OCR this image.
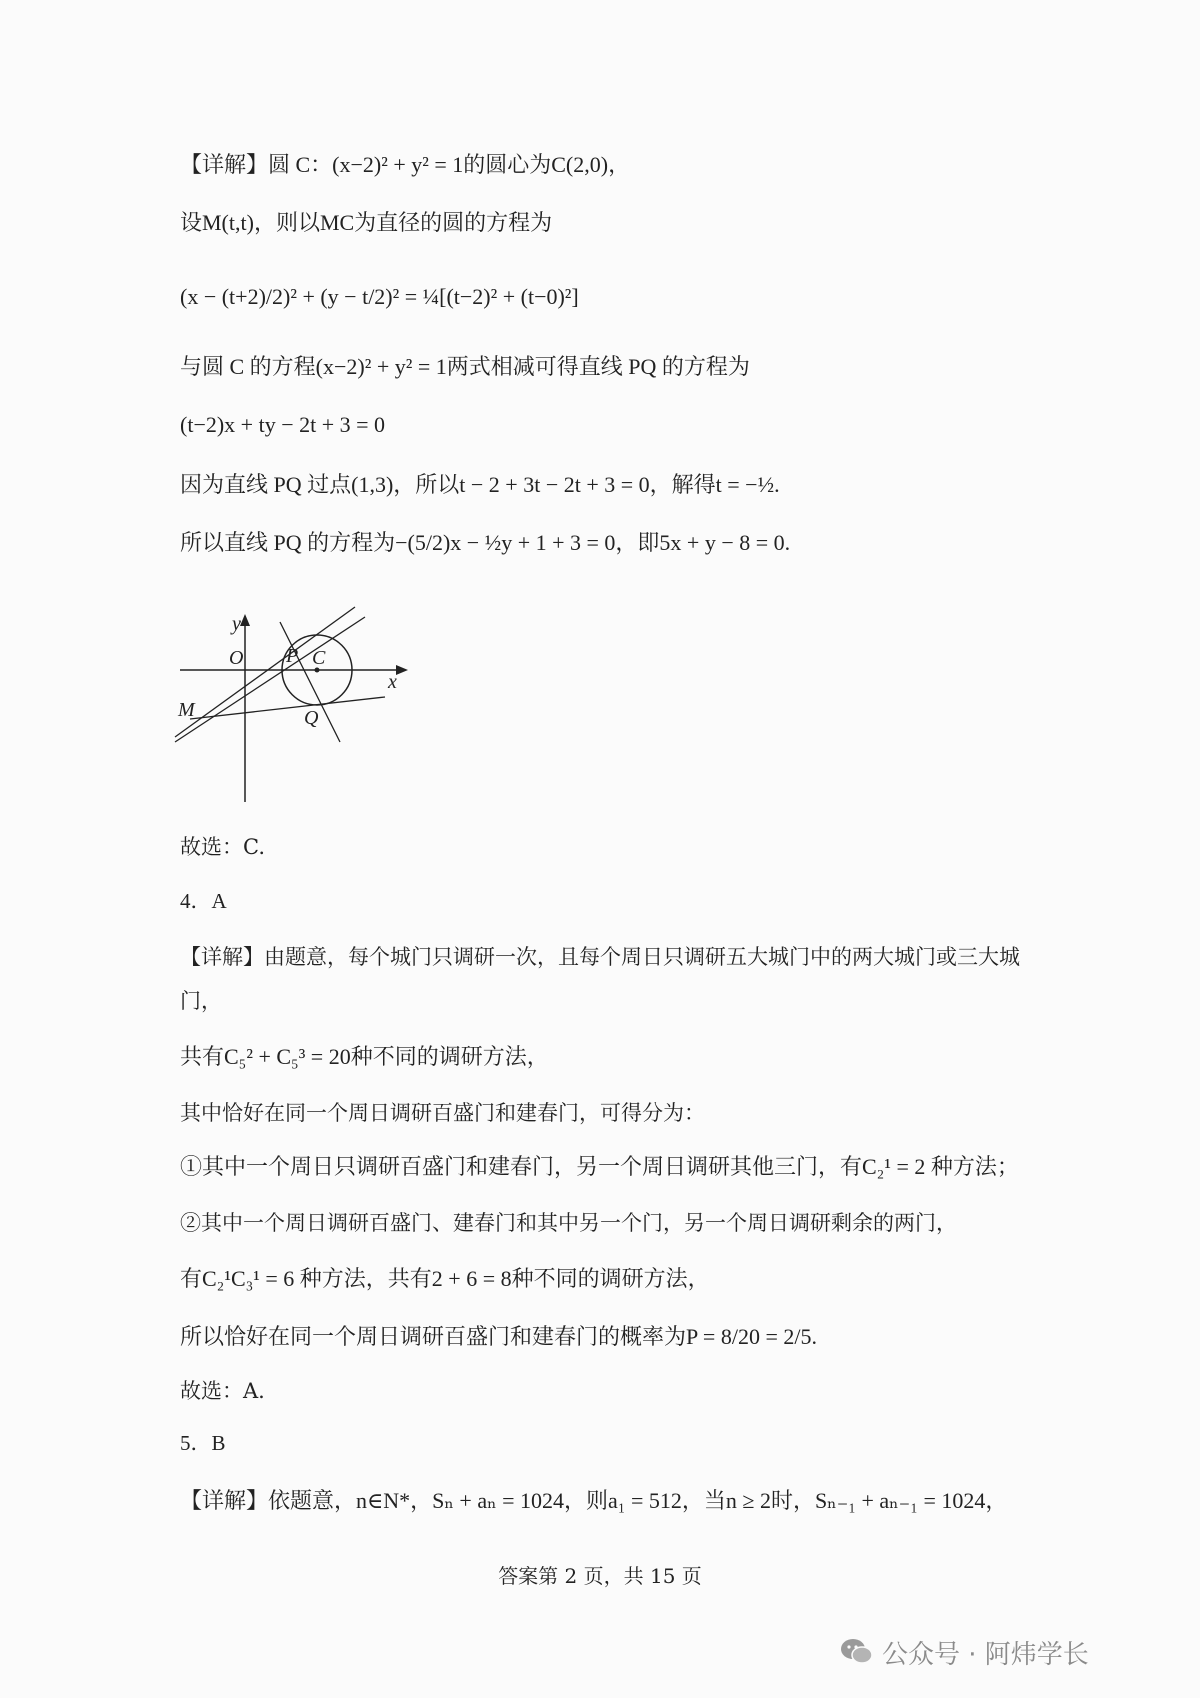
【详解】圆 C：(x−2)² + y² = 1的圆心为C(2,0)，
设M(t,t)，则以MC为直径的圆的方程为
(x − (t+2)/2)² + (y − t/2)² = ¼[(t−2)² + (t−0)²]
与圆 C 的方程(x−2)² + y² = 1两式相减可得直线 PQ 的方程为
(t−2)x + ty − 2t + 3 = 0
因为直线 PQ 过点(1,3)，所以t − 2 + 3t − 2t + 3 = 0，解得t = −½.
所以直线 PQ 的方程为−(5/2)x − ½y + 1 + 3 = 0，即5x + y − 8 = 0.
y
x
O P C
M	Q
故选：C.
4．A
【详解】由题意，每个城门只调研一次，且每个周日只调研五大城门中的两大城门或三大城
门，
共有C₅² + C₅³ = 20种不同的调研方法，
其中恰好在同一个周日调研百盛门和建春门，可得分为：
①其中一个周日只调研百盛门和建春门，另一个周日调研其他三门，有C₂¹ = 2 种方法；
②其中一个周日调研百盛门、建春门和其中另一个门，另一个周日调研剩余的两门，
有C₂¹C₃¹ = 6 种方法，共有2 + 6 = 8种不同的调研方法，
所以恰好在同一个周日调研百盛门和建春门的概率为P = 8/20 = 2/5.
故选：A.
5．B
【详解】依题意，n∈N*，Sₙ + aₙ = 1024，则a₁ = 512，当n ≥ 2时，Sₙ₋₁ + aₙ₋₁ = 1024，
答案第 2 页，共 15 页
公众号 · 阿炜学长
